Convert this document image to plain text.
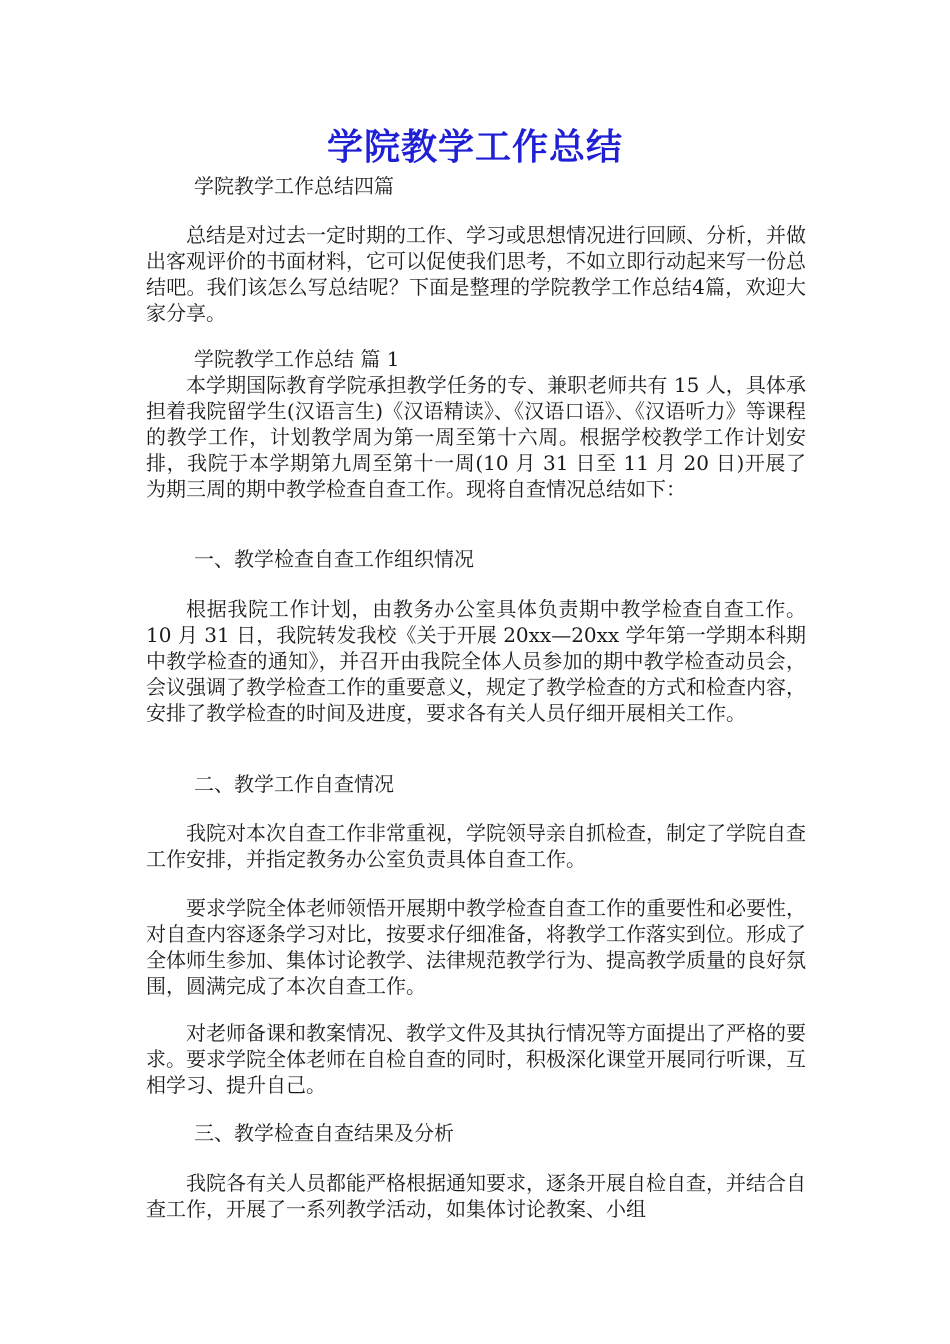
学院教学工作总结
学院教学工作总结四篇

总结是对过去一定时期的工作、学习或思想情况进行回顾、分析，并做出客观评价的书面材料，它可以促使我们思考，不如立即行动起来写一份总结吧。我们该怎么写总结呢？下面是整理的学院教学工作总结4篇，欢迎大家分享。

学院教学工作总结 篇 1

本学期国际教育学院承担教学任务的专、兼职老师共有 15 人，具体承担着我院留学生(汉语言生)《汉语精读》、《汉语口语》、《汉语听力》等课程的教学工作，计划教学周为第一周至第十六周。根据学校教学工作计划安排，我院于本学期第九周至第十一周(10 月 31 日至 11 月 20 日)开展了为期三周的期中教学检查自查工作。现将自查情况总结如下：

一、教学检查自查工作组织情况

根据我院工作计划，由教务办公室具体负责期中教学检查自查工作。10 月 31 日，我院转发我校《关于开展 20xx—20xx 学年第一学期本科期中教学检查的通知》，并召开由我院全体人员参加的期中教学检查动员会，会议强调了教学检查工作的重要意义，规定了教学检查的方式和检查内容，安排了教学检查的时间及进度，要求各有关人员仔细开展相关工作。

二、教学工作自查情况

我院对本次自查工作非常重视，学院领导亲自抓检查，制定了学院自查工作安排，并指定教务办公室负责具体自查工作。

要求学院全体老师领悟开展期中教学检查自查工作的重要性和必要性，对自查内容逐条学习对比，按要求仔细准备，将教学工作落实到位。形成了全体师生参加、集体讨论教学、法律规范教学行为、提高教学质量的良好氛围，圆满完成了本次自查工作。

对老师备课和教案情况、教学文件及其执行情况等方面提出了严格的要求。要求学院全体老师在自检自查的同时，积极深化课堂开展同行听课，互相学习、提升自己。

三、教学检查自查结果及分析

我院各有关人员都能严格根据通知要求，逐条开展自检自查，并结合自查工作，开展了一系列教学活动，如集体讨论教案、小组
